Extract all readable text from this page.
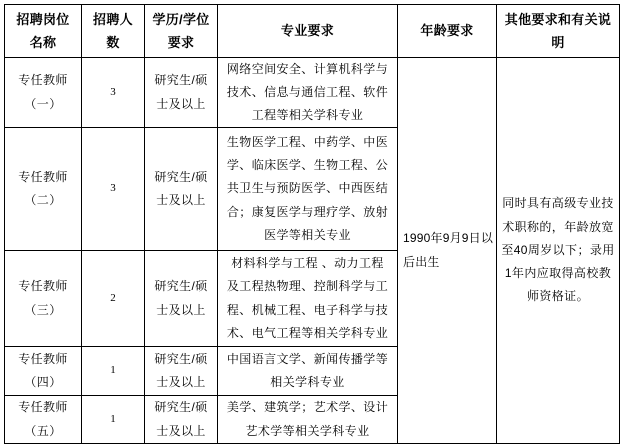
招聘岗位
名称
招聘人
数
学历/学位
要求
专业要求	年龄要求
其他要求和有关说
明
专任教师
（一）
3
研究生/硕
士及以上
网络空间安全、计算机科学与
技术、信息与通信工程、软件
工程等相关学科专业
专任教师
（二）
3
研究生/硕
士及以上
生物医学工程、中药学、中医
学、临床医学、生物工程、公
共卫生与预防医学、中西医结
合；康复医学与理疗学、放射
医学等相关专业
专任教师
（三）
2
研究生/硕
士及以上
材料科学与工程 、动力工程
及工程热物理、控制科学与工
程、机械工程、电子科学与技
术、电气工程等相关学科专业
专任教师
（四）
1
研究生/硕
士及以上
中国语言文学、新闻传播学等
相关学科专业
专任教师
（五）
1
研究生/硕
士及以上
美学、建筑学；艺术学、设计
艺术学等相关学科专业
1990年9月9日以
后出生
同时具有高级专业技
术职称的，年龄放宽
至40周岁以下；录用
1年内应取得高校教
师资格证。
